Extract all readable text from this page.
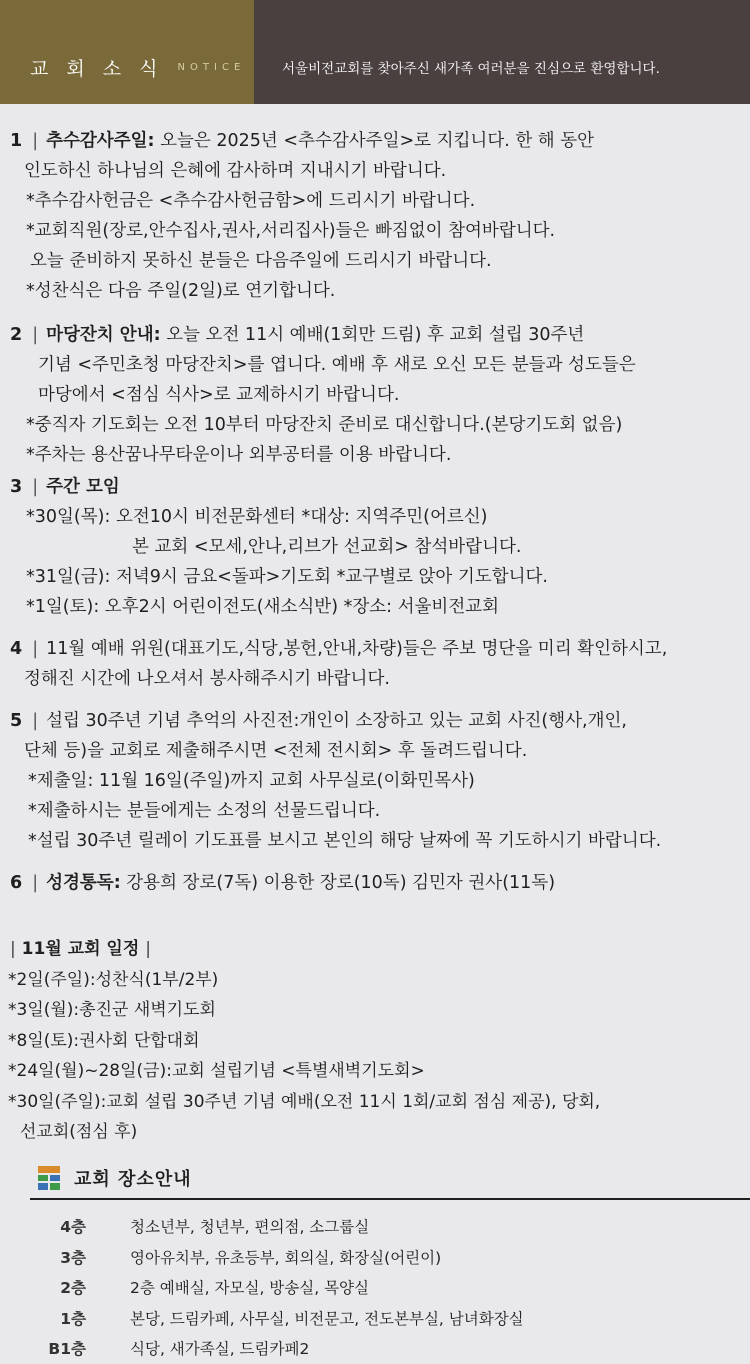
교 회 소 식 NOTICE	서울비전교회를 찾아주신 새가족 여러분을 진심으로 환영합니다.
1 | 추수감사주일: 오늘은 2025년 <추수감사주일>로 지킵니다. 한 해 동안
인도하신 하나님의 은혜에 감사하며 지내시기 바랍니다.
*추수감사헌금은 <추수감사헌금함>에 드리시기 바랍니다.
*교회직원(장로,안수집사,권사,서리집사)들은 빠짐없이 참여바랍니다.
오늘 준비하지 못하신 분들은 다음주일에 드리시기 바랍니다.
*성찬식은 다음 주일(2일)로 연기합니다.
2 | 마당잔치 안내: 오늘 오전 11시 예배(1회만 드림) 후 교회 설립 30주년
기념 <주민초청 마당잔치>를 엽니다. 예배 후 새로 오신 모든 분들과 성도들은
마당에서 <점심 식사>로 교제하시기 바랍니다.
*중직자 기도회는 오전 10부터 마당잔치 준비로 대신합니다.(본당기도회 없음)
*주차는 용산꿈나무타운이나 외부공터를 이용 바랍니다.
3 | 주간 모임
*30일(목): 오전10시 비전문화센터 *대상: 지역주민(어르신)
본 교회 <모세,안나,리브가 선교회> 참석바랍니다.
*31일(금): 저녁9시 금요<돌파>기도회 *교구별로 앉아 기도합니다.
*1일(토): 오후2시 어린이전도(새소식반) *장소: 서울비전교회
4 | 11월 예배 위원(대표기도,식당,봉헌,안내,차량)들은 주보 명단을 미리 확인하시고,
정해진 시간에 나오셔서 봉사해주시기 바랍니다.
5 | 설립 30주년 기념 추억의 사진전:개인이 소장하고 있는 교회 사진(행사,개인,
단체 등)을 교회로 제출해주시면 <전체 전시회> 후 돌려드립니다.
*제출일: 11월 16일(주일)까지 교회 사무실로(이화민목사)
*제출하시는 분들에게는 소정의 선물드립니다.
*설립 30주년 릴레이 기도표를 보시고 본인의 해당 날짜에 꼭 기도하시기 바랍니다.
6 | 성경통독: 강용희 장로(7독) 이용한 장로(10독) 김민자 권사(11독)
| 11월 교회 일정 |
*2일(주일):성찬식(1부/2부)
*3일(월):총진군 새벽기도회
*8일(토):권사회 단합대회
*24일(월)~28일(금):교회 설립기념 <특별새벽기도회>
*30일(주일):교회 설립 30주년 기념 예배(오전 11시 1회/교회 점심 제공), 당회,
선교회(점심 후)
교회 장소안내
4층	청소년부, 청년부, 편의점, 소그룹실
3층	영아유치부, 유초등부, 회의실, 화장실(어린이)
2층	2층 예배실, 자모실, 방송실, 목양실
1층	본당, 드림카페, 사무실, 비전문고, 전도본부실, 남녀화장실
B1층	식당, 새가족실, 드림카페2
